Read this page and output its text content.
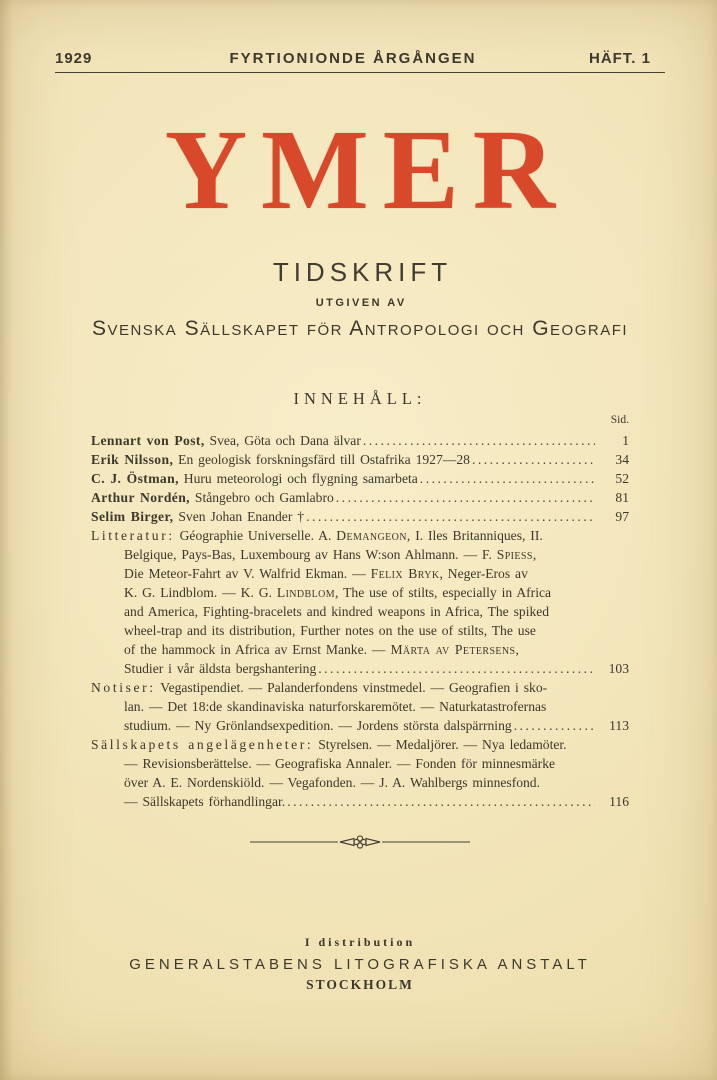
1929	FYRTIONIONDE ÅRGÅNGEN	HÄFT. 1
YMER
TIDSKRIFT
UTGIVEN AV
Svenska Sällskapet för Antropologi och Geografi
INNEHÅLL:
Sid.
Lennart von Post, Svea, Göta och Dana älvar .....	1
Erik Nilsson, En geologisk forskningsfärd till Ostafrika 1927—28 .....	34
C. J. Östman, Huru meteorologi och flygning samarbeta .....	52
Arthur Nordén, Stångebro och Gamlabro .....	81
Selim Birger, Sven Johan Enander † .....	97
Litteratur: Géographie Universelle. A. Demangeon, I. Iles Britanniques, II.
Belgique, Pays-Bas, Luxembourg av Hans W:son Ahlmann. — F. Spiess,
Die Meteor-Fahrt av V. Walfrid Ekman. — Felix Bryk, Neger-Eros av
K. G. Lindblom. — K. G. Lindblom, The use of stilts, especially in Africa
and America, Fighting-bracelets and kindred weapons in Africa, The spiked
wheel-trap and its distribution, Further notes on the use of stilts, The use
of the hammock in Africa av Ernst Manke. — Märta av Petersens,
Studier i vår äldsta bergshantering .....	103
Notiser: Vegastipendiet. — Palanderfondens vinstmedel. — Geografien i sko-
lan. — Det 18:de skandinaviska naturforskaremötet. — Naturkatastrofernas
studium. — Ny Grönlandsexpedition. — Jordens största dalspärrning .....	113
Sällskapets angelägenheter: Styrelsen. — Medaljörer. — Nya ledamöter.
— Revisionsberättelse. — Geografiska Annaler. — Fonden för minnesmärke
över A. E. Nordenskiöld. — Vegafonden. — J. A. Wahlbergs minnesfond.
— Sällskapets förhandlingar. .....	116
I distribution
GENERALSTABENS LITOGRAFISKA ANSTALT
STOCKHOLM
